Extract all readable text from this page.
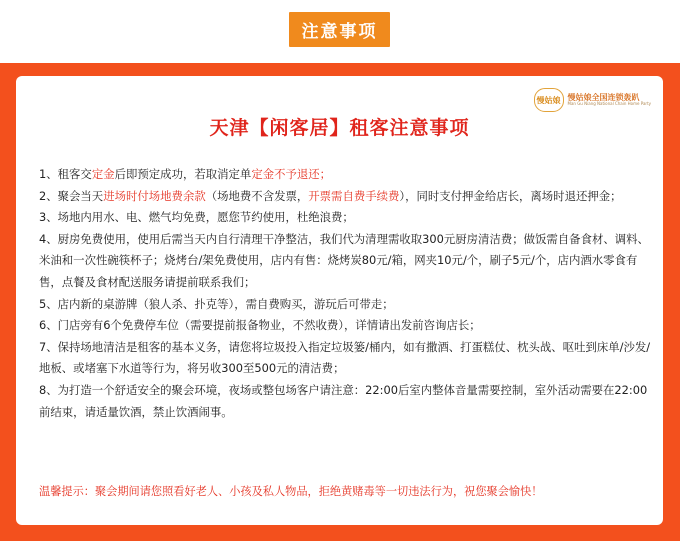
注意事项
慢姑娘 慢姑娘全国连锁轰趴
Man Gu Niang National Chain Home Party
天津【闲客居】租客注意事项

1、租客交定金后即预定成功，若取消定单定金不予退还；

2、聚会当天进场时付场地费余款（场地费不含发票，开票需自费手续费），同时支付押金给店长，离场时退还押金；

3、场地内用水、电、燃气均免费，愿您节约使用，杜绝浪费；

4、厨房免费使用，使用后需当天内自行清理干净整洁，我们代为清理需收取300元厨房清洁费；做饭需自备食材、调料、米油和一次性碗筷杯子；烧烤台/架免费使用，店内有售：烧烤炭80元/箱，网夹10元/个，刷子5元/个，店内酒水零食有售，点餐及食材配送服务请提前联系我们；

5、店内新的桌游牌（狼人杀、扑克等），需自费购买，游玩后可带走；

6、门店旁有6个免费停车位（需要提前报备物业，不然收费），详情请出发前咨询店长；

7、保持场地清洁是租客的基本义务，请您将垃圾投入指定垃圾篓/桶内，如有撒酒、打蛋糕仗、枕头战、呕吐到床单/沙发/地板、或堵塞下水道等行为，将另收300至500元的清洁费；

8、为打造一个舒适安全的聚会环境，夜场或整包场客户请注意：22:00后室内整体音量需要控制，室外活动需要在22:00前结束，请适量饮酒，禁止饮酒闹事。

温馨提示：聚会期间请您照看好老人、小孩及私人物品，拒绝黄赌毒等一切违法行为，祝您聚会愉快！
